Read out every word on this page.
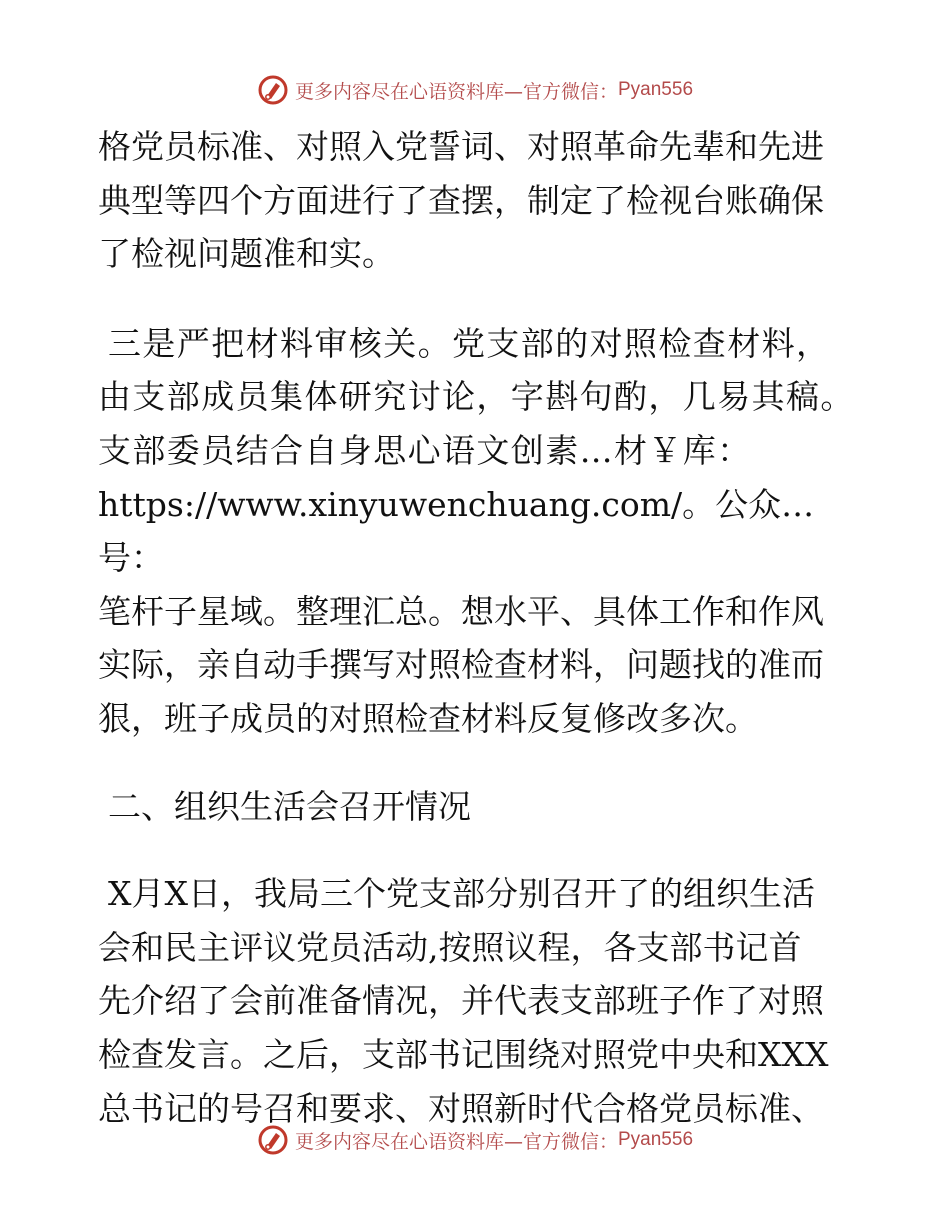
更多内容尽在心语资料库—官方微信： Pyan556
格党员标准、对照入党誓词、对照革命先辈和先进
典型等四个方面进行了查摆，制定了检视台账确保
了检视问题准和实。
三是严把材料审核关。党支部的对照检查材料，
由支部成员集体研究讨论，字斟句酌，几易其稿。
支部委员结合自身思心语文创素…材￥库：
https://www.xinyuwenchuang.com/。公众…号：
笔杆子星域。整理汇总。想水平、具体工作和作风
实际，亲自动手撰写对照检查材料，问题找的准而
狠，班子成员的对照检查材料反复修改多次。
二、组织生活会召开情况
X月X日，我局三个党支部分别召开了的组织生活
会和民主评议党员活动,按照议程，各支部书记首
先介绍了会前准备情况，并代表支部班子作了对照
检查发言。之后，支部书记围绕对照党中央和XXX
总书记的号召和要求、对照新时代合格党员标准、
更多内容尽在心语资料库—官方微信： Pyan556
